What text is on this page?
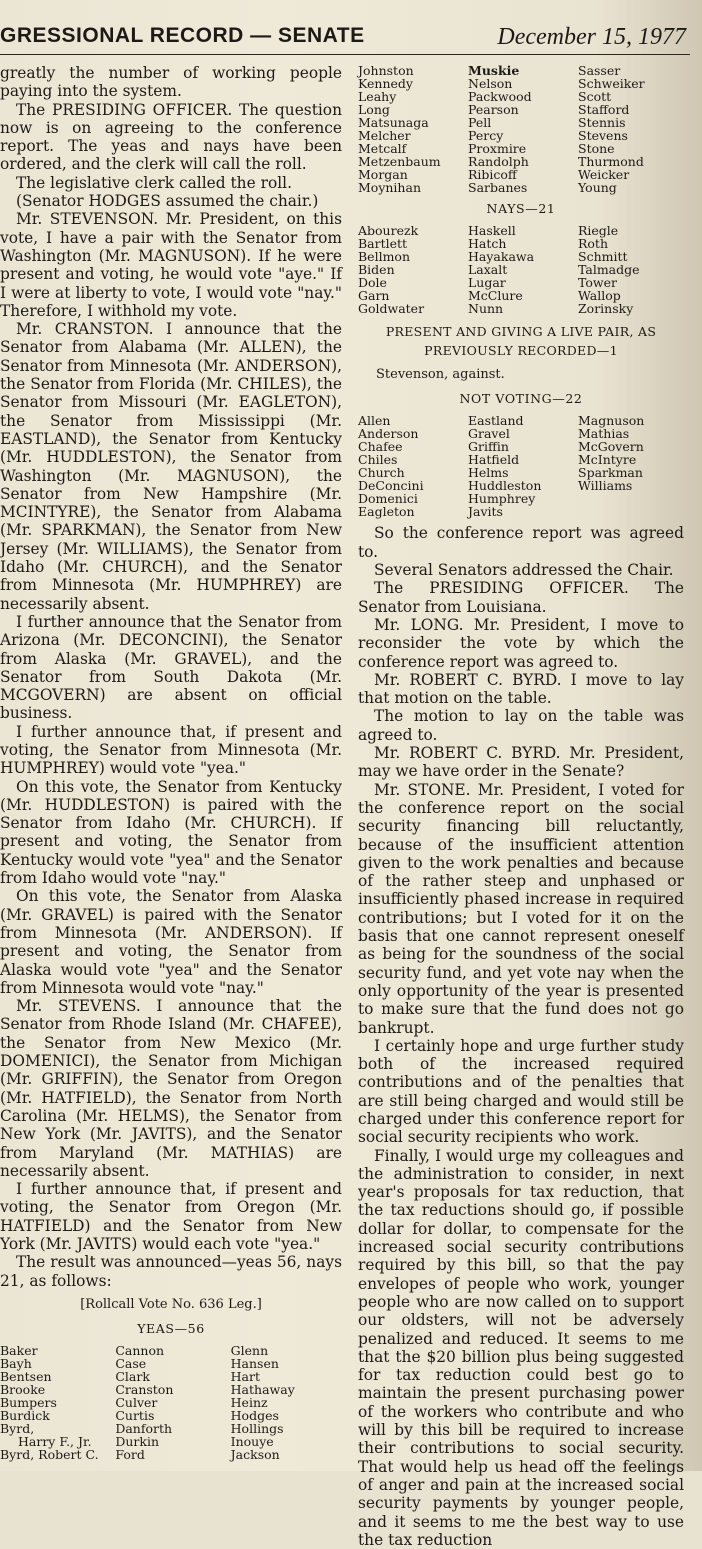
GRESSIONAL RECORD — SENATE	December 15, 1977

greatly the number of working people paying into the system.

The PRESIDING OFFICER. The question now is on agreeing to the conference report. The yeas and nays have been ordered, and the clerk will call the roll.

The legislative clerk called the roll.

(Senator HODGES assumed the chair.)

Mr. STEVENSON. Mr. President, on this vote, I have a pair with the Senator from Washington (Mr. MAGNUSON). If he were present and voting, he would vote "aye." If I were at liberty to vote, I would vote "nay." Therefore, I withhold my vote.

Mr. CRANSTON. I announce that the Senator from Alabama (Mr. ALLEN), the Senator from Minnesota (Mr. ANDERSON), the Senator from Florida (Mr. CHILES), the Senator from Missouri (Mr. EAGLETON), the Senator from Mississippi (Mr. EASTLAND), the Senator from Kentucky (Mr. HUDDLESTON), the Senator from Washington (Mr. MAGNUSON), the Senator from New Hampshire (Mr. MCINTYRE), the Senator from Alabama (Mr. SPARKMAN), the Senator from New Jersey (Mr. WILLIAMS), the Senator from Idaho (Mr. CHURCH), and the Senator from Minnesota (Mr. HUMPHREY) are necessarily absent.

I further announce that the Senator from Arizona (Mr. DECONCINI), the Senator from Alaska (Mr. GRAVEL), and the Senator from South Dakota (Mr. MCGOVERN) are absent on official business.

I further announce that, if present and voting, the Senator from Minnesota (Mr. HUMPHREY) would vote "yea."

On this vote, the Senator from Kentucky (Mr. HUDDLESTON) is paired with the Senator from Idaho (Mr. CHURCH). If present and voting, the Senator from Kentucky would vote "yea" and the Senator from Idaho would vote "nay."

On this vote, the Senator from Alaska (Mr. GRAVEL) is paired with the Senator from Minnesota (Mr. ANDERSON). If present and voting, the Senator from Alaska would vote "yea" and the Senator from Minnesota would vote "nay."

Mr. STEVENS. I announce that the Senator from Rhode Island (Mr. CHAFEE), the Senator from New Mexico (Mr. DOMENICI), the Senator from Michigan (Mr. GRIFFIN), the Senator from Oregon (Mr. HATFIELD), the Senator from North Carolina (Mr. HELMS), the Senator from New York (Mr. JAVITS), and the Senator from Maryland (Mr. MATHIAS) are necessarily absent.

I further announce that, if present and voting, the Senator from Oregon (Mr. HATFIELD) and the Senator from New York (Mr. JAVITS) would each vote "yea."

The result was announced—yeas 56, nays 21, as follows:

[Rollcall Vote No. 636 Leg.]
YEAS—56
Baker
Bayh
Bentsen
Brooke
Bumpers
Burdick
Byrd,
Harry F., Jr.
Byrd, Robert C.
Cannon
Case
Clark
Cranston
Culver
Curtis
Danforth
Durkin
Ford
Glenn
Hansen
Hart
Hathaway
Heinz
Hodges
Hollings
Inouye
Jackson
Johnston
Kennedy
Leahy
Long
Matsunaga
Melcher
Metcalf
Metzenbaum
Morgan
Moynihan
Muskie
Nelson
Packwood
Pearson
Pell
Percy
Proxmire
Randolph
Ribicoff
Sarbanes
Sasser
Schweiker
Scott
Stafford
Stennis
Stevens
Stone
Thurmond
Weicker
Young
NAYS—21
Abourezk
Bartlett
Bellmon
Biden
Dole
Garn
Goldwater
Haskell
Hatch
Hayakawa
Laxalt
Lugar
McClure
Nunn
Riegle
Roth
Schmitt
Talmadge
Tower
Wallop
Zorinsky
PRESENT AND GIVING A LIVE PAIR, AS PREVIOUSLY RECORDED—1
Stevenson, against.
NOT VOTING—22
Allen
Anderson
Chafee
Chiles
Church
DeConcini
Domenici
Eagleton
Eastland
Gravel
Griffin
Hatfield
Helms
Huddleston
Humphrey
Javits
Magnuson
Mathias
McGovern
McIntyre
Sparkman
Williams

So the conference report was agreed to.

Several Senators addressed the Chair.

The PRESIDING OFFICER. The Senator from Louisiana.

Mr. LONG. Mr. President, I move to reconsider the vote by which the conference report was agreed to.

Mr. ROBERT C. BYRD. I move to lay that motion on the table.

The motion to lay on the table was agreed to.

Mr. ROBERT C. BYRD. Mr. President, may we have order in the Senate?

Mr. STONE. Mr. President, I voted for the conference report on the social security financing bill reluctantly, because of the insufficient attention given to the work penalties and because of the rather steep and unphased or insufficiently phased increase in required contributions; but I voted for it on the basis that one cannot represent oneself as being for the soundness of the social security fund, and yet vote nay when the only opportunity of the year is presented to make sure that the fund does not go bankrupt.

I certainly hope and urge further study both of the increased required contributions and of the penalties that are still being charged and would still be charged under this conference report for social security recipients who work.

Finally, I would urge my colleagues and the administration to consider, in next year's proposals for tax reduction, that the tax reductions should go, if possible dollar for dollar, to compensate for the increased social security contributions required by this bill, so that the pay envelopes of people who work, younger people who are now called on to support our oldsters, will not be adversely penalized and reduced. It seems to me that the $20 billion plus being suggested for tax reduction could best go to maintain the present purchasing power of the workers who contribute and who will by this bill be required to increase their contributions to social security. That would help us head off the feelings of anger and pain at the increased social security payments by younger people, and it seems to me the best way to use the tax reduction
